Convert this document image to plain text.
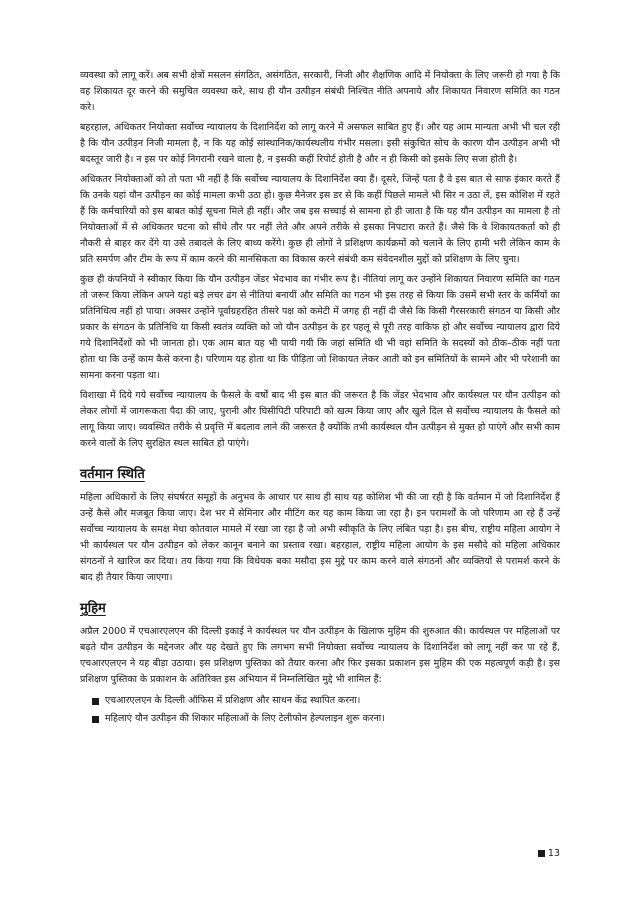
व्यवस्था को लागू करें। अब सभी क्षेत्रों मसलन संगठित, असंगठित, सरकारी, निजी और शैक्षणिक आदि में नियोक्ता के लिए जरूरी हो गया है कि वह शिकायत दूर करने की समुचित व्यवस्था करे, साथ ही यौन उत्पीड़न संबंधी निश्चित नीति अपनाये और शिकायत निवारण समिति का गठन करे।

बहरहाल, अधिकतर नियोक्ता सर्वोच्च न्यायालय के दिशानिर्देश को लागू करने में असफल साबित हुए हैं। और यह आम मान्यता अभी भी चल रही है कि यौन उत्पीड़न निजी मामला है, न कि यह कोई सांस्थानिक/कार्यस्थलीय गंभीर मसला। इसी संकुचित सोच के कारण यौन उत्पीड़न अभी भी बदस्तूर जारी है। न इस पर कोई निगरानी रखने वाला है, न इसकी कहीं रिपोर्ट होती है और न ही किसी को इसके लिए सजा होती है।

अधिकतर नियोक्ताओं को तो पता भी नहीं है कि सर्वोच्च न्यायालय के दिशानिर्देश क्या हैं। दूसरे, जिन्हें पता है वे इस बात से साफ इंकार करते हैं कि उनके यहां यौन उत्पीड़न का कोई मामला कभी उठा हो। कुछ मैनेजर इस डर से कि कहीं पिछले मामले भी सिर न उठा लें, इस कोशिश में रहते हैं कि कर्मचारियों को इस बाबत कोई सूचना मिले ही नहीं। और जब इस सच्चाई से सामना हो ही जाता है कि यह यौन उत्पीड़न का मामला है तो नियोक्ताओं में से अधिकतर घटना को सीधे तौर पर नहीं लेते और अपने तरीके से इसका निपटारा करते हैं। जैसे कि वे शिकायतकर्ता को ही नौकरी से बाहर कर देंगे या उसे तबादले के लिए बाध्य करेंगे। कुछ ही लोगों ने प्रशिक्षण कार्यक्रमों को चलाने के लिए हामी भरी लेकिन काम के प्रति समर्पण और टीम के रूप में काम करने की मानसिकता का विकास करने संबंधी कम संवेदनशील मुद्दों को प्रशिक्षण के लिए चुना।

कुछ ही कंपनियों ने स्वीकार किया कि यौन उत्पीड़न जेंडर भेदभाव का गंभीर रूप है। नीतियां लागू कर उन्होंने शिकायत निवारण समिति का गठन तो जरूर किया लेकिन अपने यहां बड़े लचर ढंग से नीतियां बनायीं और समिति का गठन भी इस तरह से किया कि उसमें सभी स्तर के कर्मियों का प्रतिनिधित्व नहीं हो पाया। अक्सर उन्होंने पूर्वाग्रहरहित तीसरे पक्ष को कमेटी में जगह ही नहीं दी जैसे कि किसी गैरसरकारी संगठन या किसी और प्रकार के संगठन के प्रतिनिधि या किसी स्वतंत्र व्यक्ति को जो यौन उत्पीड़न के हर पहलू से पूरी तरह वाकिफ हो और सर्वोच्च न्यायालय द्वारा दिये गये दिशानिर्देशों को भी जानता हो। एक आम बात यह भी पायी गयी कि जहां समिति थी भी वहां समिति के सदस्यों को ठीक–ठीक नहीं पता होता था कि उन्हें काम कैसे करना है। परिणाम यह होता था कि पीड़िता जो शिकायत लेकर आती को इन समितियों के सामने और भी परेशानी का सामना करना पड़ता था।

विशाखा में दिये गये सर्वोच्च न्यायालय के फैसले के वर्षों बाद भी इस बात की जरूरत है कि जेंडर भेदभाव और कार्यस्थल पर यौन उत्पीड़न को लेकर लोगों में जागरूकता पैदा की जाए, पुरानी और घिसीपिटी परिपाटी को खत्म किया जाए और खुले दिल से सर्वोच्च न्यायालय के फैसले को लागू किया जाए। व्यवस्थित तरीके से प्रवृत्ति में बदलाव लाने की जरूरत है क्योंकि तभी कार्यस्थल यौन उत्पीड़न से मुक्त हो पाएंगे और सभी काम करने वालों के लिए सुरक्षित स्थल साबित हो पाएंगे।

वर्तमान स्थिति

महिला अधिकारों के लिए संघर्षरत समूहों के अनुभव के आधार पर साथ ही साथ यह कोशिश भी की जा रही है कि वर्तमान में जो दिशानिर्देश हैं उन्हें कैसे और मजबूत किया जाए। देश भर में सेमिनार और मीटिंग कर यह काम किया जा रहा है। इन परामर्शों के जो परिणाम आ रहे हैं उन्हें सर्वोच्च न्यायालय के समक्ष मेधा कोतवाल मामले में रखा जा रहा है जो अभी स्वीकृति के लिए लंबित पड़ा है। इस बीच, राष्ट्रीय महिला आयोग ने भी कार्यस्थल पर यौन उत्पीड़न को लेकर कानून बनाने का प्रस्ताव रखा। बहरहाल, राष्ट्रीय महिला आयोग के इस मसौदे को महिला अधिकार संगठनों ने खारिज कर दिया। तय किया गया कि विधेयक बका मसौदा इस मुद्दे पर काम करने वाले संगठनों और व्यक्तियों से परामर्श करने के बाद ही तैयार किया जाएगा।

मुहिम

अप्रैल 2000 में एचआरएलएन की दिल्ली इकाई ने कार्यस्थल पर यौन उत्पीड़न के खिलाफ मुहिम की शुरुआत की। कार्यस्थल पर महिलाओं पर बढ़ते यौन उत्पीड़न के मद्देनजर और यह देखते हुए कि लगभग सभी नियोक्ता सर्वोच्च न्यायालय के दिशानिर्देश को लागू नहीं कर पा रहे हैं, एचआरएलएन ने यह बीड़ा उठाया। इस प्रशिक्षण पुस्तिका को तैयार करना और फिर इसका प्रकाशन इस मुहिम की एक महत्वपूर्ण कड़ी है। इस प्रशिक्षण पुस्तिका के प्रकाशन के अतिरिक्त इस अभियान में निम्नलिखित मुद्दे भी शामिल हैं:

एचआरएलएन के दिल्ली ऑफिस में प्रशिक्षण और साधन केंद्र स्थापित करना।
महिलाएं यौन उत्पीड़न की शिकार महिलाओं के लिए टेलीफोन हेल्पलाइन शुरू करना।
13
